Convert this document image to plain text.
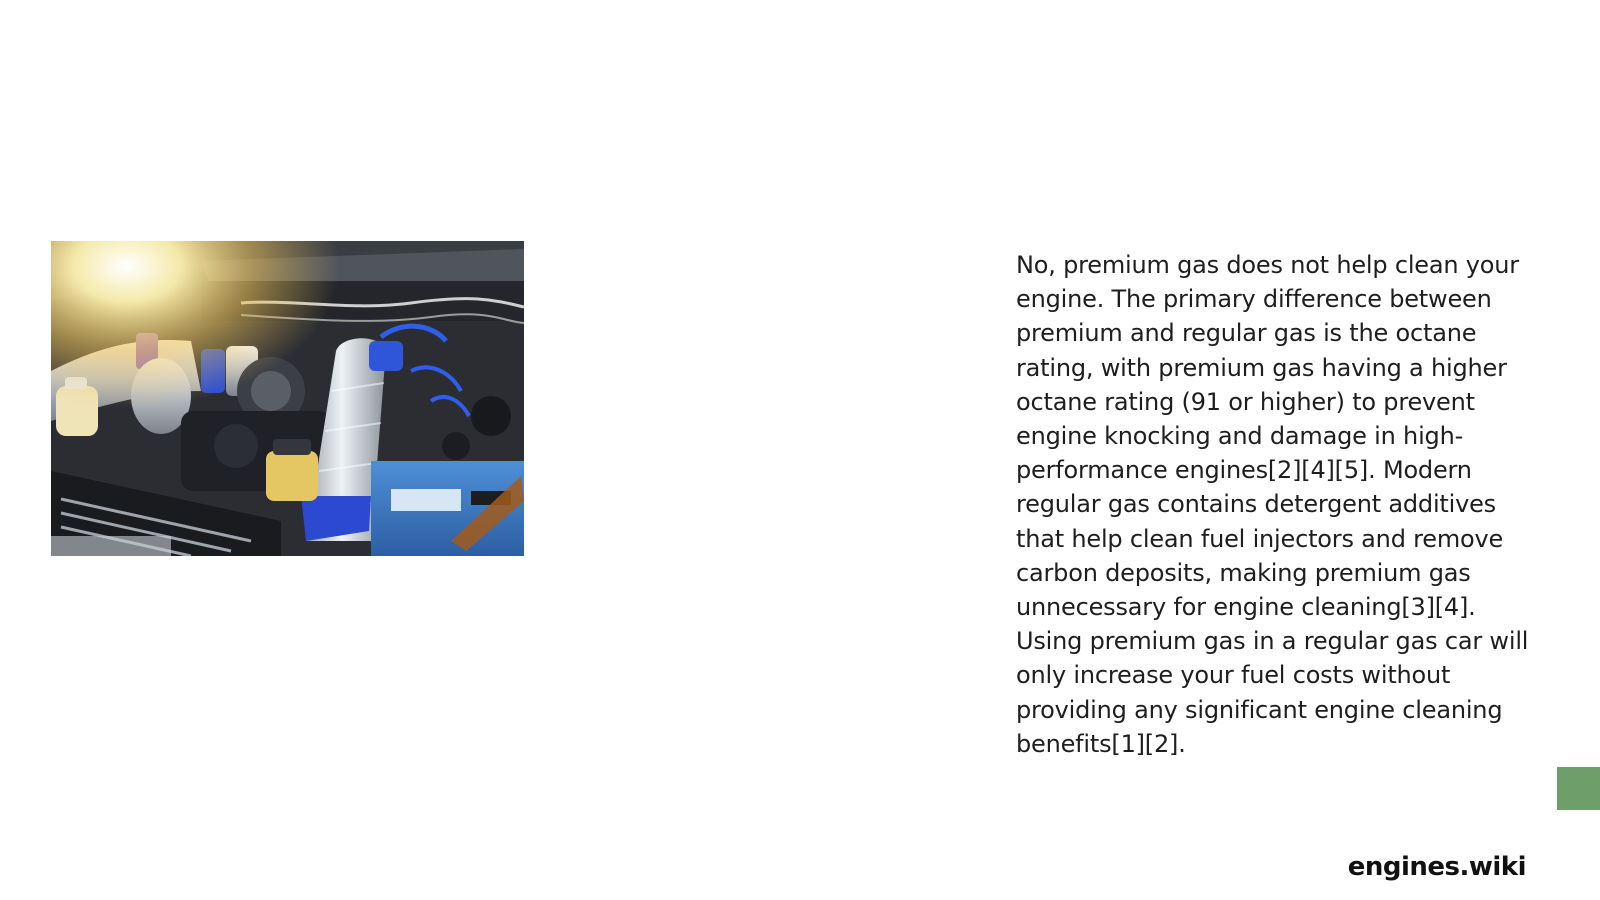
No, premium gas does not help clean your engine. The primary difference between premium and regular gas is the octane rating, with premium gas having a higher octane rating (91 or higher) to prevent engine knocking and damage in high-performance engines[2][4][5]. Modern regular gas contains detergent additives that help clean fuel injectors and remove carbon deposits, making premium gas unnecessary for engine cleaning[3][4]. Using premium gas in a regular gas car will only increase your fuel costs without providing any significant engine cleaning benefits[1][2].

engines.wiki
